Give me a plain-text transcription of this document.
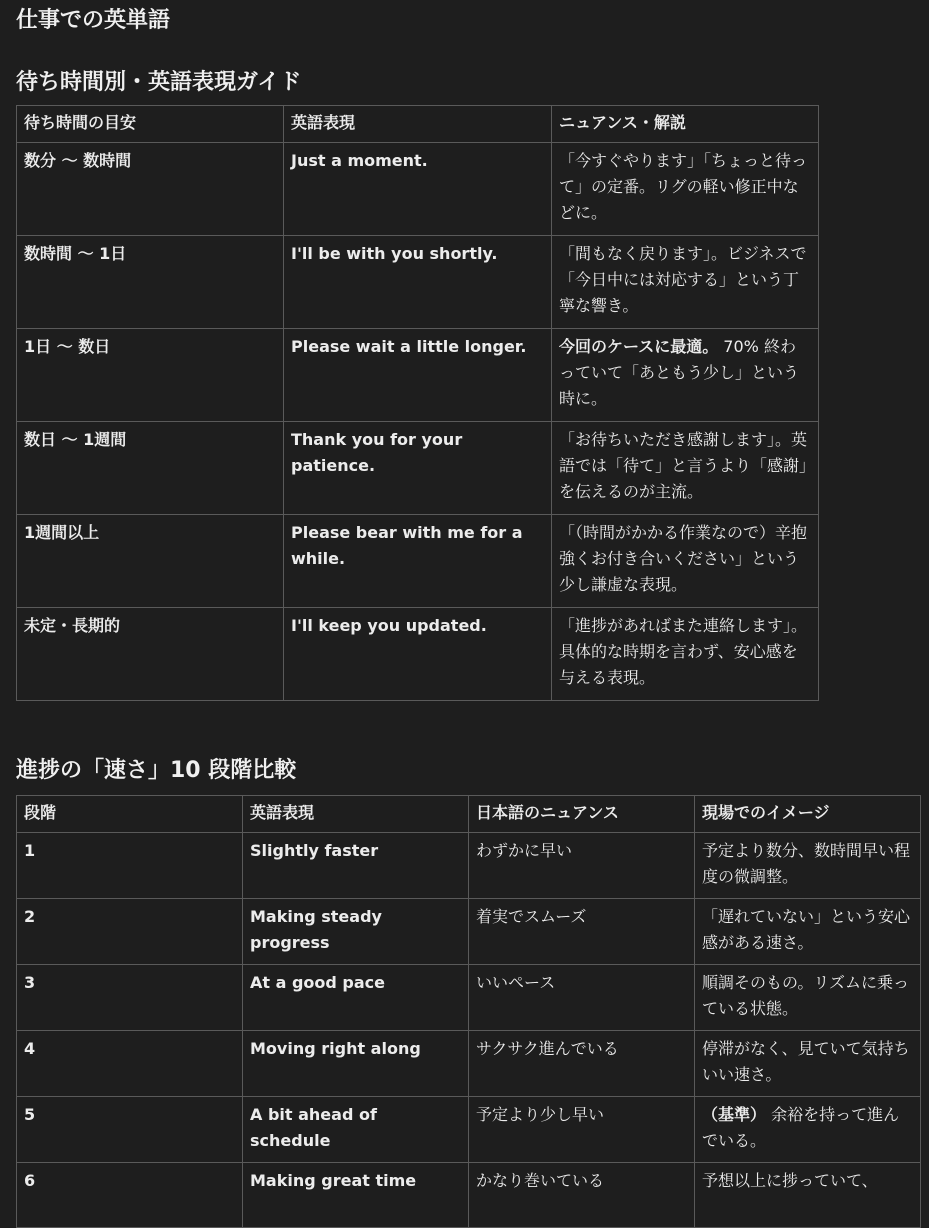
仕事での英単語
待ち時間別・英語表現ガイド
待ち時間の目安	英語表現	ニュアンス・解説
数分 〜 数時間	Just a moment.	「今すぐやります」「ちょっと待って」の定番。リグの軽い修正中などに。
数時間 〜 1日	I'll be with you shortly.	「間もなく戻ります」。ビジネスで「今日中には対応する」という丁寧な響き。
1日 〜 数日	Please wait a little longer.	今回のケースに最適。 70% 終わっていて「あともう少し」という時に。
数日 〜 1週間	Thank you for your patience.	「お待ちいただき感謝します」。英語では「待て」と言うより「感謝」を伝えるのが主流。
1週間以上	Please bear with me for a while.	「（時間がかかる作業なので）辛抱強くお付き合いください」という少し謙虚な表現。
未定・長期的	I'll keep you updated.	「進捗があればまた連絡します」。具体的な時期を言わず、安心感を与える表現。
進捗の「速さ」10 段階比較
段階	英語表現	日本語のニュアンス	現場でのイメージ
1	Slightly faster	わずかに早い	予定より数分、数時間早い程度の微調整。
2	Making steady progress	着実でスムーズ	「遅れていない」という安心感がある速さ。
3	At a good pace	いいペース	順調そのもの。リズムに乗っている状態。
4	Moving right along	サクサク進んでいる	停滞がなく、見ていて気持ちいい速さ。
5	A bit ahead of schedule	予定より少し早い	（基準） 余裕を持って進んでいる。
6	Making great time	かなり巻いている	予想以上に捗っていて、
